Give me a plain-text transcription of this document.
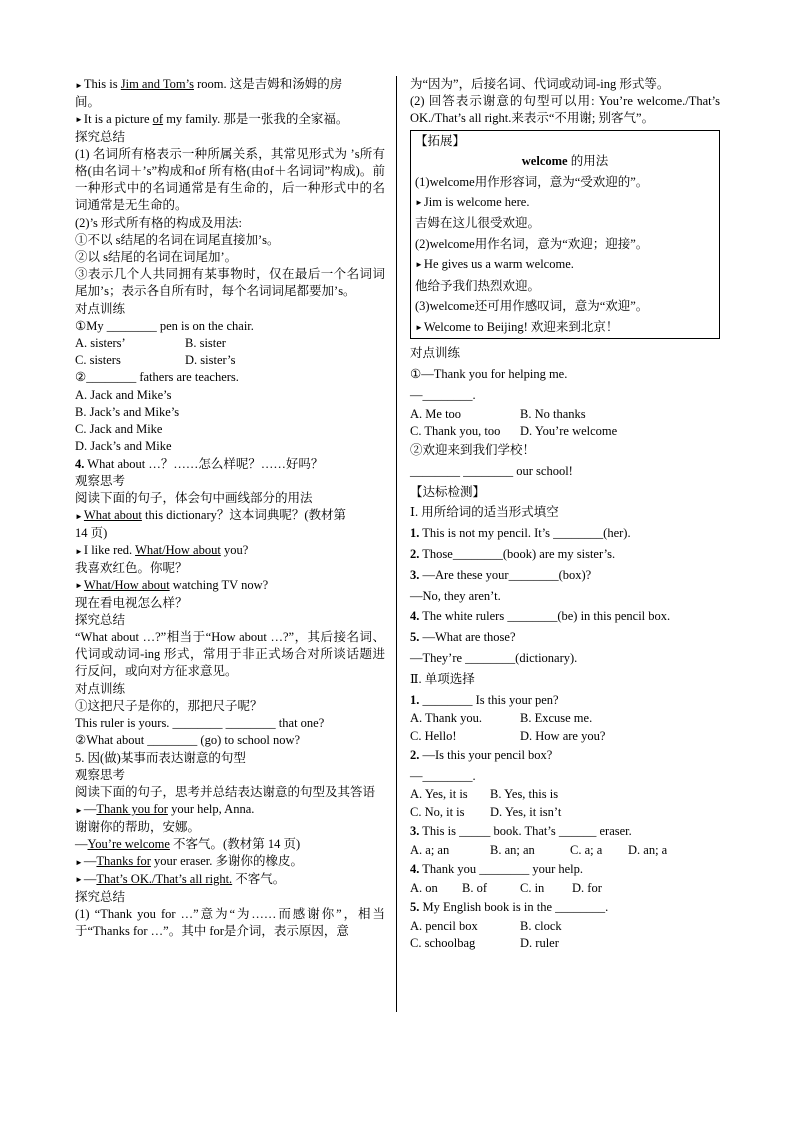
►This is Jim and Tom’s room. 这是吉姆和汤姆的房
间。
►It is a picture of my family. 那是一张我的全家福。
探究总结
(1) 名词所有格表示一种所属关系，其常见形式为 ’s所有格(由名词＋’s”构成和of 所有格(由of＋名词词”构成)。前一种形式中的名词通常是有生命的，后一种形式中的名词通常是无生命的。
(2)’s 形式所有格的构成及用法:
①不以 s结尾的名词在词尾直接加’s。
②以 s结尾的名词在词尾加’。
③表示几个人共同拥有某事物时，仅在最后一个名词词尾加’s；表示各自所有时，每个名词词尾都要加’s。
对点训练
①My ________ pen is on the chair.
A. sisters’	B. sister
C. sisters	D. sister’s
②________ fathers are teachers.
A. Jack and Mike’s
B. Jack’s and Mike’s
C. Jack and Mike
D. Jack’s and Mike
4. What about …？……怎么样呢？……好吗？
观察思考
阅读下面的句子，体会句中画线部分的用法
►What about this dictionary？这本词典呢？(教材第
14 页)
►I like red. What/How about you?
我喜欢红色。你呢？
►What/How about watching TV now?
现在看电视怎么样？
探究总结
“What about …?”相当于“How about …?”，其后接名词、代词或动词-ing 形式，常用于非正式场合对所谈话题进行反问，或向对方征求意见。
对点训练
①这把尺子是你的，那把尺子呢？
This ruler is yours. ________ ________ that one?
②What about ________ (go) to school now?
5. 因(做)某事而表达谢意的句型
观察思考
阅读下面的句子，思考并总结表达谢意的句型及其答语
►—Thank you for your help, Anna.
谢谢你的帮助，安娜。
—You’re welcome 不客气。(教材第 14 页)
►—Thanks for your eraser. 多谢你的橡皮。
►—That’s OK./That’s all right. 不客气。
探究总结
(1) “Thank you for …”意为“为……而感谢你”，相当于“Thanks for …”。其中 for是介词，表示原因，意
为“因为”，后接名词、代词或动词-ing 形式等。
(2) 回答表示谢意的句型可以用: You’re welcome./That’s OK./That’s all right.来表示“不用谢; 别客气”。
【拓展】
welcome 的用法
(1)welcome用作形容词，意为“受欢迎的”。
►Jim is welcome here.
吉姆在这儿很受欢迎。
(2)welcome用作名词，意为“欢迎；迎接”。
►He gives us a warm welcome.
他给予我们热烈欢迎。
(3)welcome还可用作感叹词，意为“欢迎”。
►Welcome to Beijing! 欢迎来到北京！
对点训练
①—Thank you for helping me.
—________.
A. Me too	B. No thanks
C. Thank you, too	D. You’re welcome
②欢迎来到我们学校！
________ ________ our school!
【达标检测】
Ⅰ. 用所给词的适当形式填空
1. This is not my pencil. It’s ________(her).
2. Those________(book) are my sister’s.
3. —Are these your________(box)?
—No, they aren’t.
4. The white rulers ________(be) in this pencil box.
5. —What are those?
—They’re ________(dictionary).
Ⅱ. 单项选择
1. ________ Is this your pen?
A. Thank you.	B. Excuse me.
C. Hello!	D. How are you?
2. —Is this your pencil box?
—________.
A. Yes, it is	B. Yes, this is
C. No, it is	D. Yes, it isn’t
3. This is _____ book. That’s ______ eraser.
A. a; an	B. an; an	C. a; a	D. an; a
4. Thank you ________ your help.
A. on	B. of	C. in	D. for
5. My English book is in the ________.
A. pencil box	B. clock
C. schoolbag	D. ruler
